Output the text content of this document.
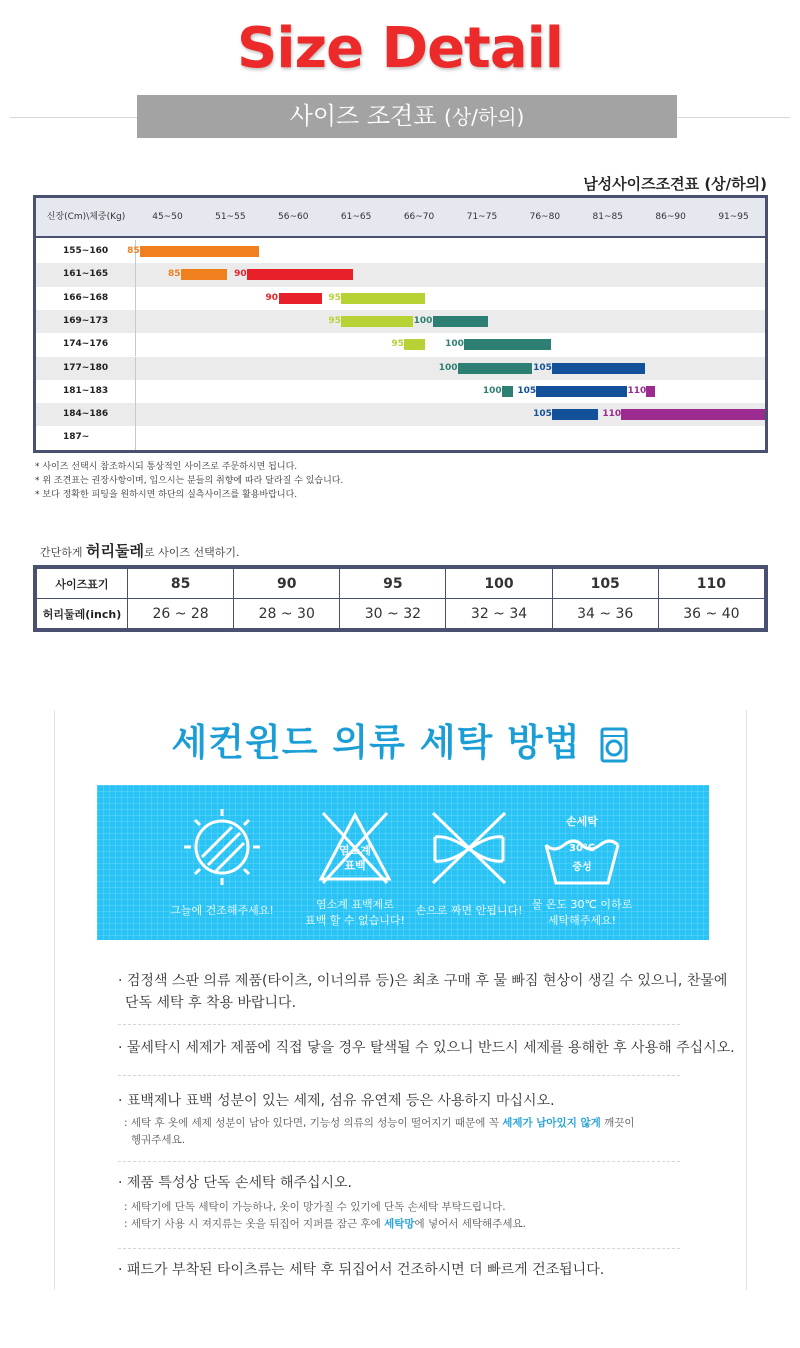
Size Detail
사이즈 조견표 (상/하의)
남성사이즈조견표 (상/하의)
신장(Cm)\체중(Kg)	45~50	51~55	56~60	61~65	66~70	71~75	76~80	81~85	86~90	91~95
155~160	85
161~165	85	90
166~168	90	95
169~173	95	100
174~176	95	100
177~180	100	105
181~183	100 105	110
184~186	105	110
187~
* 사이즈 선택시 참조하시되 통상적인 사이즈로 주문하시면 됩니다.
* 위 조견표는 권장사항이며, 입으시는 분들의 취향에 따라 달라질 수 있습니다.
* 보다 정확한 피팅을 원하시면 하단의 실측사이즈를 활용바랍니다.
간단하게 허리둘레로 사이즈 선택하기.
사이즈표기	85	90	95	100	105	110
허리둘레(inch)	26 ~ 28	28 ~ 30	30 ~ 32	32 ~ 34	34 ~ 36	36 ~ 40
세컨윈드 의류 세탁 방법
그늘에 건조해주세요!
염소계 표백
염소계 표백제로
표백 할 수 없습니다!
손으로 짜면 안됩니다!
손세탁
30℃
중성
물 온도 30℃ 이하로
세탁해주세요!
· 검정색 스판 의류 제품(타이츠, 이너의류 등)은 최초 구매 후 물 빠짐 현상이 생길 수 있으니, 찬물에
단독 세탁 후 착용 바랍니다.
· 물세탁시 세제가 제품에 직접 닿을 경우 탈색될 수 있으니 반드시 세제를 용해한 후 사용해 주십시오.
· 표백제나 표백 성분이 있는 세제, 섬유 유연제 등은 사용하지 마십시오.
: 세탁 후 옷에 세제 성분이 남아 있다면, 기능성 의류의 성능이 떨어지기 때문에 꼭 세제가 남아있지 않게 깨끗이
헹궈주세요.
· 제품 특성상 단독 손세탁 해주십시오.
: 세탁기에 단독 세탁이 가능하나, 옷이 망가질 수 있기에 단독 손세탁 부탁드립니다.
: 세탁기 사용 시 져지류는 옷을 뒤집어 지퍼를 잠근 후에 세탁망에 넣어서 세탁해주세요.
· 패드가 부착된 타이츠류는 세탁 후 뒤집어서 건조하시면 더 빠르게 건조됩니다.
